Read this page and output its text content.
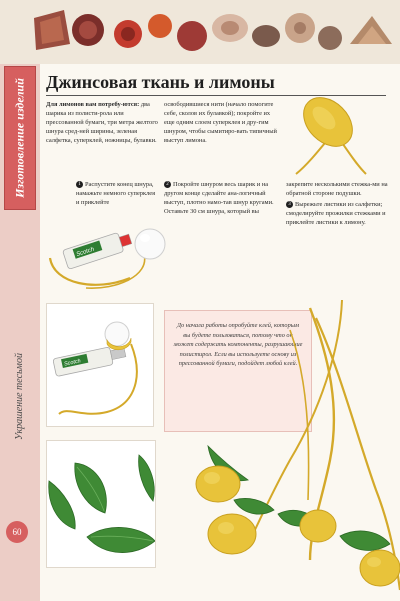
Изготовление изделий
Украшение тесьмой
60
Джинсовая ткань и лимоны

Для лимонов вам потребу-ются: два шарика из полисти-рола или прессованной бумаги, три метра желтого шнура сред-ней ширины, зеленая салфетка, суперклей, ножницы, булавки.

освободившиеся нити (начало помогите себе, сколов их булавкой); покройте их еще одним слоем суперклея и дру-гим шнуром, чтобы сымитиро-вать типичный выступ лимона.

1 Распустите конец шнура, намажьте немного суперклея и приклейте

2 Покройте шнуром весь шарик и на другом конце сделайте ана-логичный выступ, плотно намо-тав шнур кругами. Оставьте 30 см шнура, который вы

закрепите несколькими стежка-ми на обратной стороне подушки.

3 Вырежьте листики из салфетки; смоделируйте прожилки стежками и приклейте листики к лимону.

Scotch
Scotch
До начала работы опробуйте клей, которым вы будете пользоваться, потому что он может содержать компоненты, разрушающие полистирол. Если вы используете основу из прессованной бумаги, подойдет любой клей.
